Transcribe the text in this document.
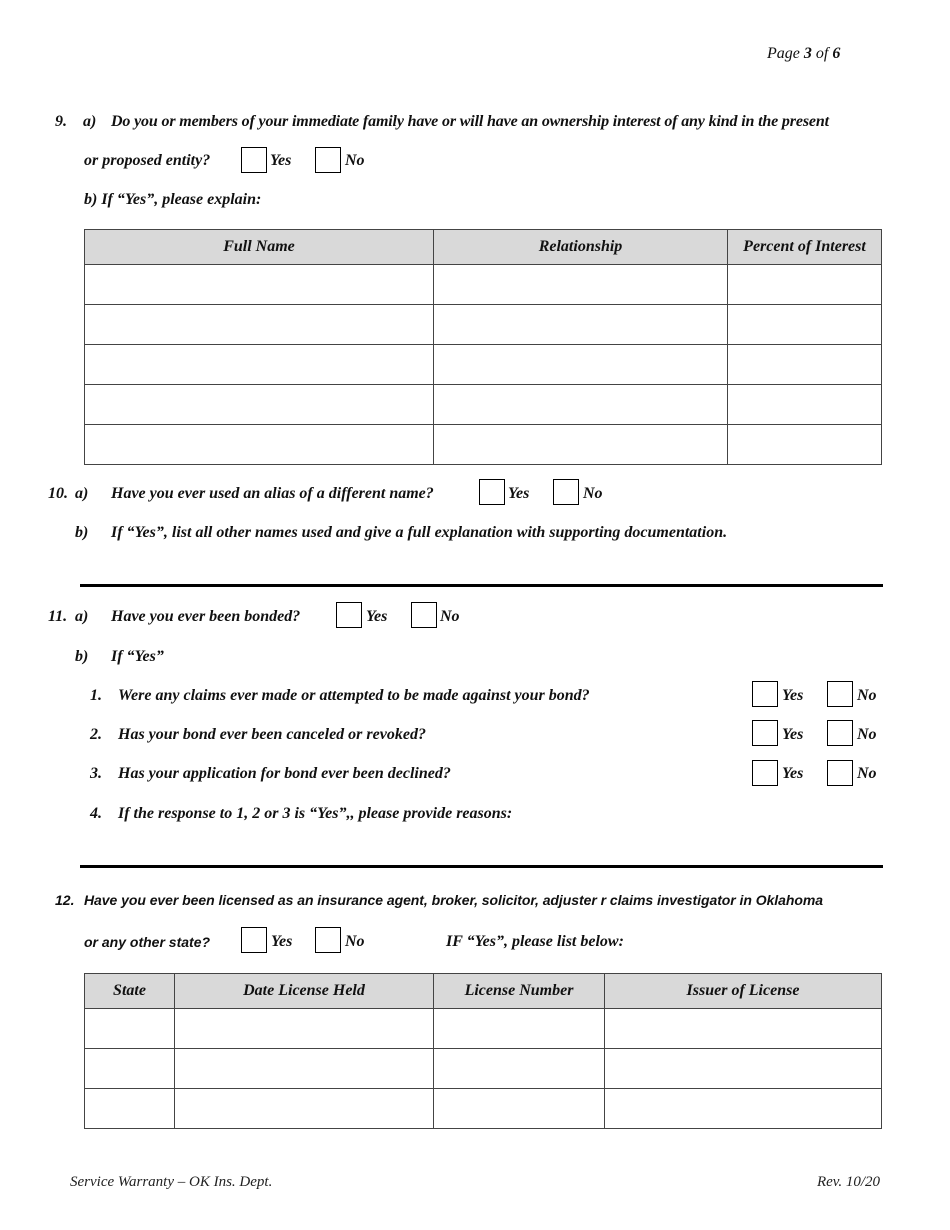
Page 3 of 6
9. a) Do you or members of your immediate family have or will have an ownership interest of any kind in the present
or proposed entity?	Yes	No
b) If “Yes”, please explain:
Full Name	Relationship	Percent of Interest

10. a) Have you ever used an alias of a different name?	Yes	No
b) If “Yes”, list all other names used and give a full explanation with supporting documentation.
11. a) Have you ever been bonded?	Yes	No
b) If “Yes”
1. Were any claims ever made or attempted to be made against your bond?	Yes	No
2. Has your bond ever been canceled or revoked?	Yes	No
3. Has your application for bond ever been declined?	Yes	No
4. If the response to 1, 2 or 3 is “Yes”,, please provide reasons:
12. Have you ever been licensed as an insurance agent, broker, solicitor, adjuster r claims investigator in Oklahoma
or any other state?	Yes	No	IF “Yes”, please list below:
State	Date License Held	License Number	Issuer of License

Service Warranty – OK Ins. Dept.	Rev. 10/20
